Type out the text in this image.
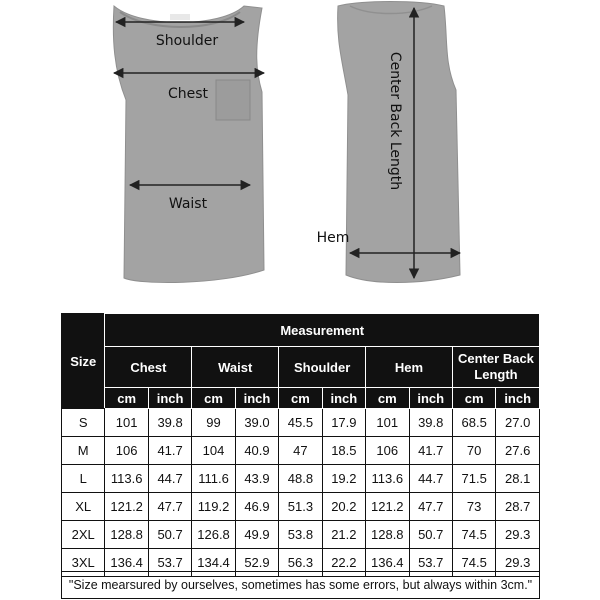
Shoulder
Chest
Waist
Center Back Length
Hem
Size	Measurement									
	Chest		Waist		Shoulder		Hem		Center Back Length	
	cm	inch	cm	inch	cm	inch	cm	inch	cm	inch
S	101	39.8	99	39.0	45.5	17.9	101	39.8	68.5	27.0
M	106	41.7	104	40.9	47	18.5	106	41.7	70	27.6
L	113.6	44.7	111.6	43.9	48.8	19.2	113.6	44.7	71.5	28.1
XL	121.2	47.7	119.2	46.9	51.3	20.2	121.2	47.7	73	28.7
2XL	128.8	50.7	126.8	49.9	53.8	21.2	128.8	50.7	74.5	29.3
3XL	136.4	53.7	134.4	52.9	56.3	22.2	136.4	53.7	74.5	29.3
"Size mearsured by ourselves, sometimes has some errors, but always within 3cm."
